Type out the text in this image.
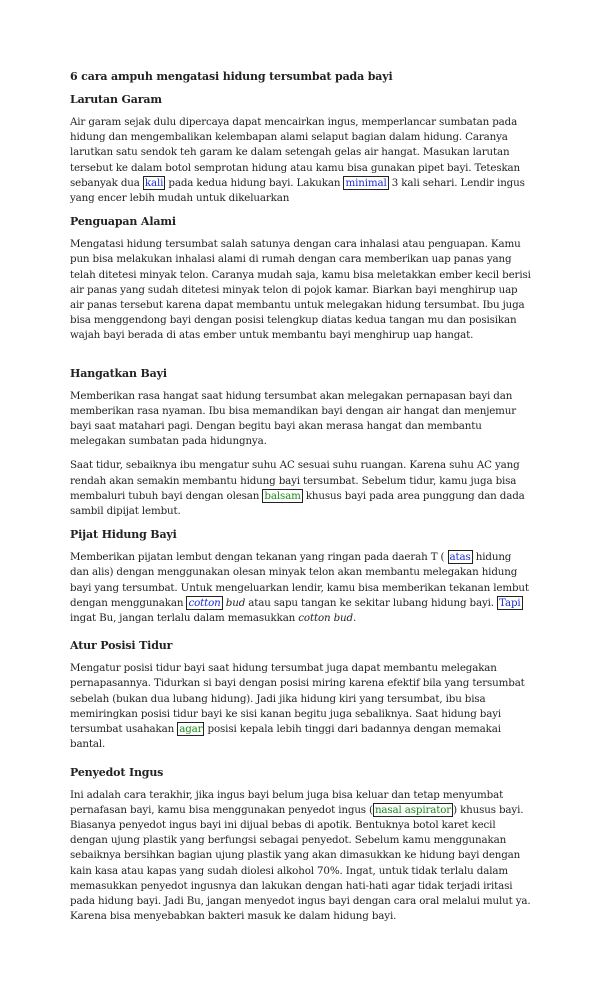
6 cara ampuh mengatasi hidung tersumbat pada bayi
Larutan Garam

Air garam sejak dulu dipercaya dapat mencairkan ingus, memperlancar sumbatan pada hidung dan mengembalikan kelembapan alami selaput bagian dalam hidung. Caranya larutkan satu sendok teh garam ke dalam setengah gelas air hangat. Masukan larutan tersebut ke dalam botol semprotan hidung atau kamu bisa gunakan pipet bayi. Teteskan sebanyak dua kali pada kedua hidung bayi. Lakukan minimal 3 kali sehari. Lendir ingus yang encer lebih mudah untuk dikeluarkan

Penguapan Alami

Mengatasi hidung tersumbat salah satunya dengan cara inhalasi atau penguapan. Kamu pun bisa melakukan inhalasi alami di rumah dengan cara memberikan uap panas yang telah ditetesi minyak telon. Caranya mudah saja, kamu bisa meletakkan ember kecil berisi air panas yang sudah ditetesi minyak telon di pojok kamar. Biarkan bayi menghirup uap air panas tersebut karena dapat membantu untuk melegakan hidung tersumbat. Ibu juga bisa menggendong bayi dengan posisi telengkup diatas kedua tangan mu dan posisikan wajah bayi berada di atas ember untuk membantu bayi menghirup uap hangat.

Hangatkan Bayi

Memberikan rasa hangat saat hidung tersumbat akan melegakan pernapasan bayi dan memberikan rasa nyaman. Ibu bisa memandikan bayi dengan air hangat dan menjemur bayi saat matahari pagi. Dengan begitu bayi akan merasa hangat dan membantu melegakan sumbatan pada hidungnya.

Saat tidur, sebaiknya ibu mengatur suhu AC sesuai suhu ruangan. Karena suhu AC yang rendah akan semakin membantu hidung bayi tersumbat. Sebelum tidur, kamu juga bisa membaluri tubuh bayi dengan olesan balsam khusus bayi pada area punggung dan dada sambil dipijat lembut.

Pijat Hidung Bayi

Memberikan pijatan lembut dengan tekanan yang ringan pada daerah T ( atas hidung dan alis) dengan menggunakan olesan minyak telon akan membantu melegakan hidung bayi yang tersumbat. Untuk mengeluarkan lendir, kamu bisa memberikan tekanan lembut dengan menggunakan cotton bud atau sapu tangan ke sekitar lubang hidung bayi. Tapi ingat Bu, jangan terlalu dalam memasukkan cotton bud.

Atur Posisi Tidur

Mengatur posisi tidur bayi saat hidung tersumbat juga dapat membantu melegakan pernapasannya. Tidurkan si bayi dengan posisi miring karena efektif bila yang tersumbat sebelah (bukan dua lubang hidung). Jadi jika hidung kiri yang tersumbat, ibu bisa memiringkan posisi tidur bayi ke sisi kanan begitu juga sebaliknya. Saat hidung bayi tersumbat usahakan agar posisi kepala lebih tinggi dari badannya dengan memakai bantal.

Penyedot Ingus

Ini adalah cara terakhir, jika ingus bayi belum juga bisa keluar dan tetap menyumbat pernafasan bayi, kamu bisa menggunakan penyedot ingus ( nasal aspirator ) khusus bayi. Biasanya penyedot ingus bayi ini dijual bebas di apotik. Bentuknya botol karet kecil dengan ujung plastik yang berfungsi sebagai penyedot. Sebelum kamu menggunakan sebaiknya bersihkan bagian ujung plastik yang akan dimasukkan ke hidung bayi dengan kain kasa atau kapas yang sudah diolesi alkohol 70%. Ingat, untuk tidak terlalu dalam memasukkan penyedot ingusnya dan lakukan dengan hati-hati agar tidak terjadi iritasi pada hidung bayi. Jadi Bu, jangan menyedot ingus bayi dengan cara oral melalui mulut ya. Karena bisa menyebabkan bakteri masuk ke dalam hidung bayi.
